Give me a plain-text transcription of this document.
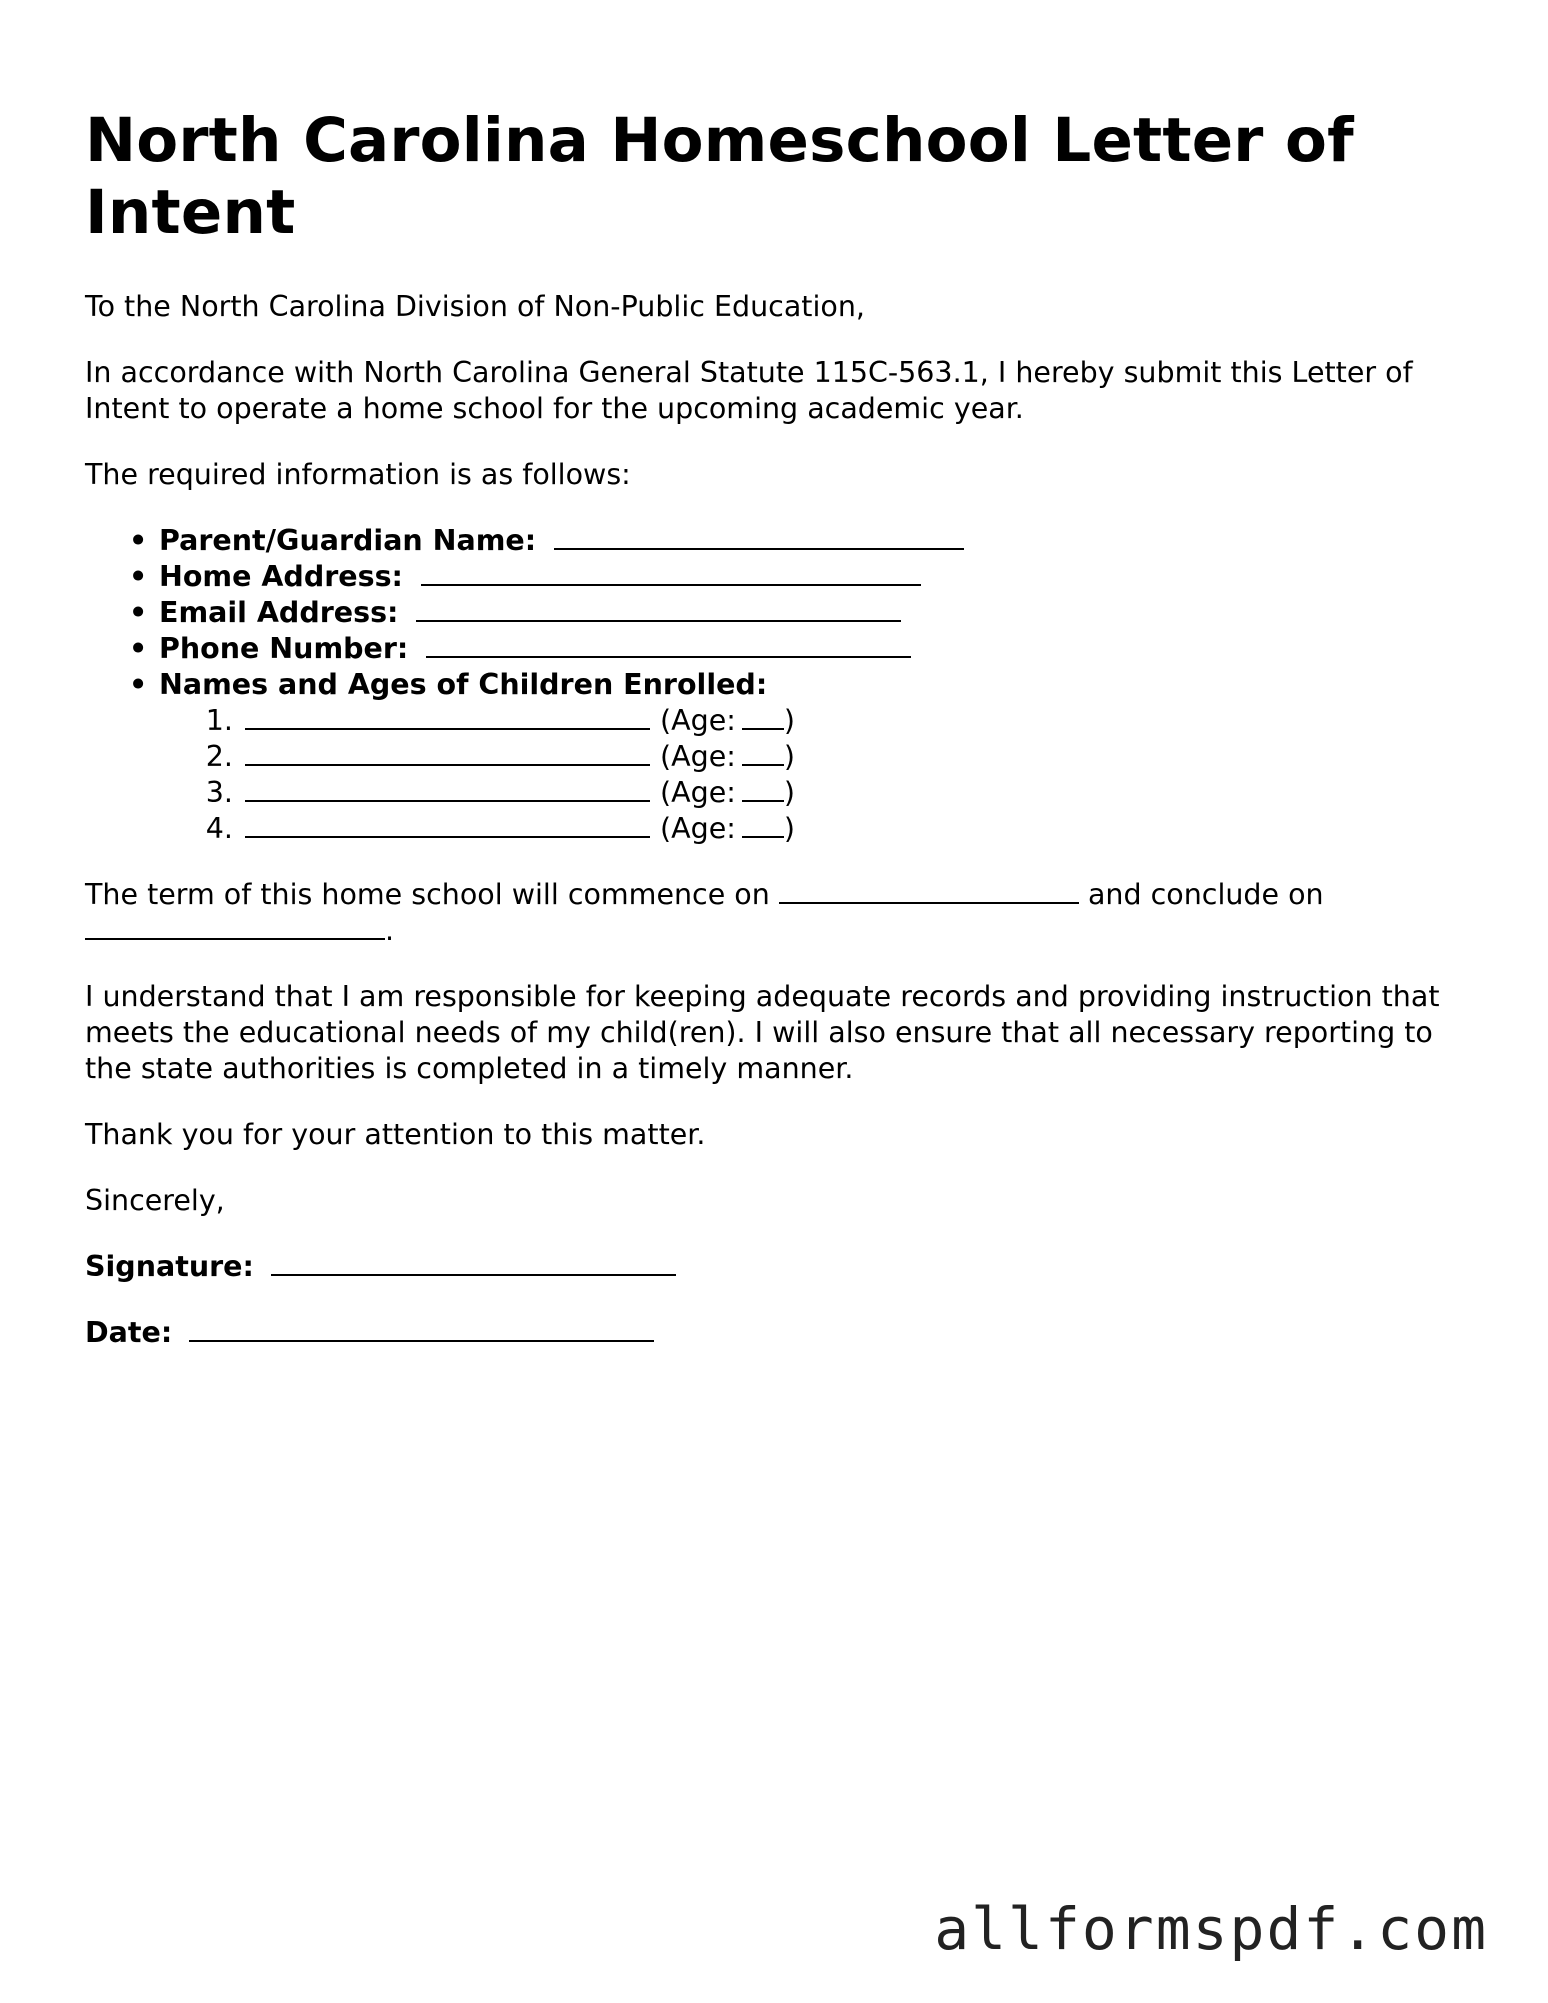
North Carolina Homeschool Letter of Intent

To the North Carolina Division of Non-Public Education,

In accordance with North Carolina General Statute 115C-563.1, I hereby submit this Letter of Intent to operate a home school for the upcoming academic year.

The required information is as follows:

• Parent/Guardian Name:
• Home Address:
• Email Address:
• Phone Number:
• Names and Ages of Children Enrolled:
1.	(Age: )
2.	(Age: )
3.	(Age: )
4.	(Age: )

The term of this home school will commence on	and conclude on .

I understand that I am responsible for keeping adequate records and providing instruction that meets the educational needs of my child(ren). I will also ensure that all necessary reporting to the state authorities is completed in a timely manner.

Thank you for your attention to this matter.

Sincerely,

Signature:
Date:
allformspdf.com
